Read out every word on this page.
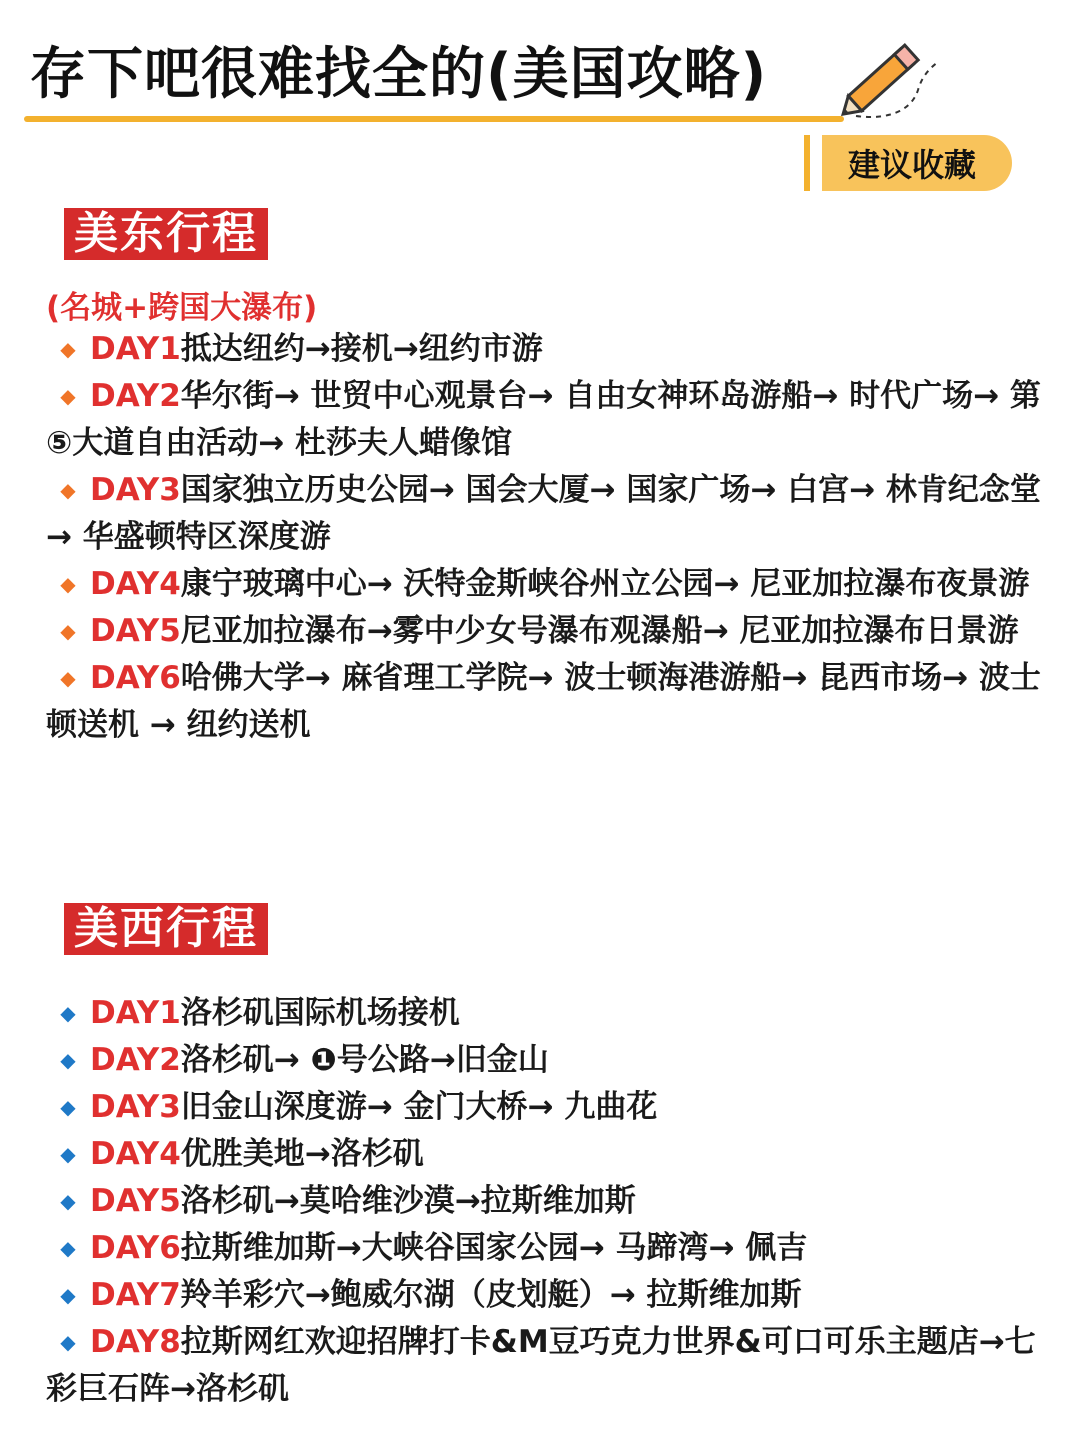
存下吧很难找全的(美国攻略)
建议收藏
美东行程
(名城+跨国大瀑布)
◆ DAY1抵达纽约→接机→纽约市游
◆ DAY2华尔街→ 世贸中心观景台→ 自由女神环岛游船→ 时代广场→ 第⑤大道自由活动→ 杜莎夫人蜡像馆
◆ DAY3国家独立历史公园→ 国会大厦→ 国家广场→ 白宫→ 林肯纪念堂→ 华盛顿特区深度游
◆ DAY4康宁玻璃中心→ 沃特金斯峡谷州立公园→ 尼亚加拉瀑布夜景游
◆ DAY5尼亚加拉瀑布→雾中少女号瀑布观瀑船→ 尼亚加拉瀑布日景游
◆ DAY6哈佛大学→ 麻省理工学院→ 波士顿海港游船→ 昆西市场→ 波士顿送机 → 纽约送机
美西行程
◆ DAY1洛杉矶国际机场接机
◆ DAY2洛杉矶→ ❶号公路→旧金山
◆ DAY3旧金山深度游→ 金门大桥→ 九曲花
◆ DAY4优胜美地→洛杉矶
◆ DAY5洛杉矶→莫哈维沙漠→拉斯维加斯
◆ DAY6拉斯维加斯→大峡谷国家公园→ 马蹄湾→ 佩吉
◆ DAY7羚羊彩穴→鲍威尔湖（皮划艇）→ 拉斯维加斯
◆ DAY8拉斯网红欢迎招牌打卡&M豆巧克力世界&可口可乐主题店→七彩巨石阵→洛杉矶
